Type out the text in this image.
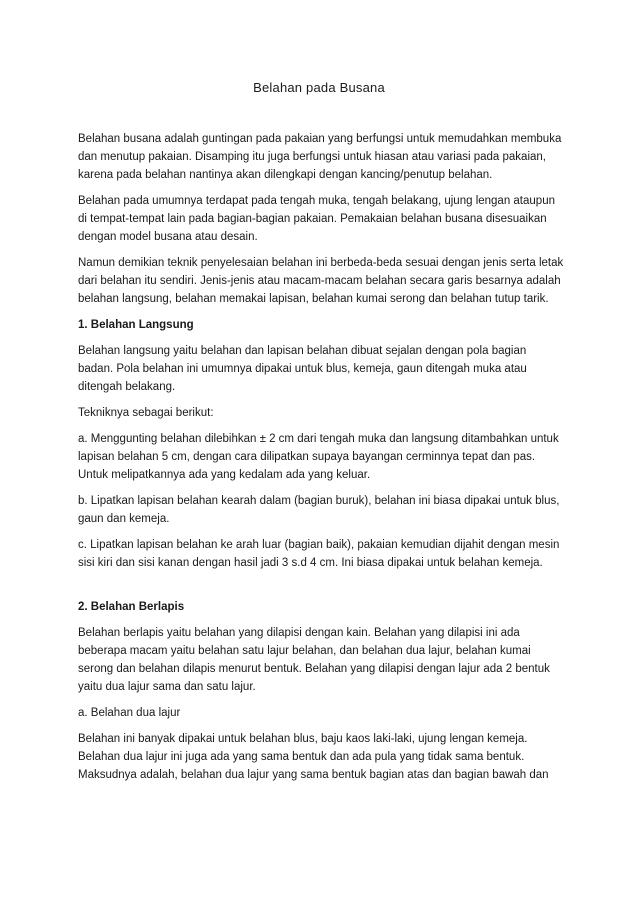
Belahan pada Busana

Belahan busana adalah guntingan pada pakaian yang berfungsi untuk memudahkan membuka dan menutup pakaian. Disamping itu juga berfungsi untuk hiasan atau variasi pada pakaian, karena pada belahan nantinya akan dilengkapi dengan kancing/penutup belahan.

Belahan pada umumnya terdapat pada tengah muka, tengah belakang, ujung lengan ataupun di tempat-tempat lain pada bagian-bagian pakaian. Pemakaian belahan busana disesuaikan dengan model busana atau desain.

Namun demikian teknik penyelesaian belahan ini berbeda-beda sesuai dengan jenis serta letak dari belahan itu sendiri. Jenis-jenis atau macam-macam belahan secara garis besarnya adalah belahan langsung, belahan memakai lapisan, belahan kumai serong dan belahan tutup tarik.

1. Belahan Langsung

Belahan langsung yaitu belahan dan lapisan belahan dibuat sejalan dengan pola bagian badan. Pola belahan ini umumnya dipakai untuk blus, kemeja, gaun ditengah muka atau ditengah belakang.

Tekniknya sebagai berikut:

a. Menggunting belahan dilebihkan ± 2 cm dari tengah muka dan langsung ditambahkan untuk lapisan belahan 5 cm, dengan cara dilipatkan supaya bayangan cerminnya tepat dan pas. Untuk melipatkannya ada yang kedalam ada yang keluar.

b. Lipatkan lapisan belahan kearah dalam (bagian buruk), belahan ini biasa dipakai untuk blus, gaun dan kemeja.

c. Lipatkan lapisan belahan ke arah luar (bagian baik), pakaian kemudian dijahit dengan mesin sisi kiri dan sisi kanan dengan hasil jadi 3 s.d 4 cm. Ini biasa dipakai untuk belahan kemeja.

2. Belahan Berlapis

Belahan berlapis yaitu belahan yang dilapisi dengan kain. Belahan yang dilapisi ini ada beberapa macam yaitu belahan satu lajur belahan, dan belahan dua lajur, belahan kumai serong dan belahan dilapis menurut bentuk. Belahan yang dilapisi dengan lajur ada 2 bentuk yaitu dua lajur sama dan satu lajur.

a. Belahan dua lajur

Belahan ini banyak dipakai untuk belahan blus, baju kaos laki-laki, ujung lengan kemeja. Belahan dua lajur ini juga ada yang sama bentuk dan ada pula yang tidak sama bentuk. Maksudnya adalah, belahan dua lajur yang sama bentuk bagian atas dan bagian bawah dan
